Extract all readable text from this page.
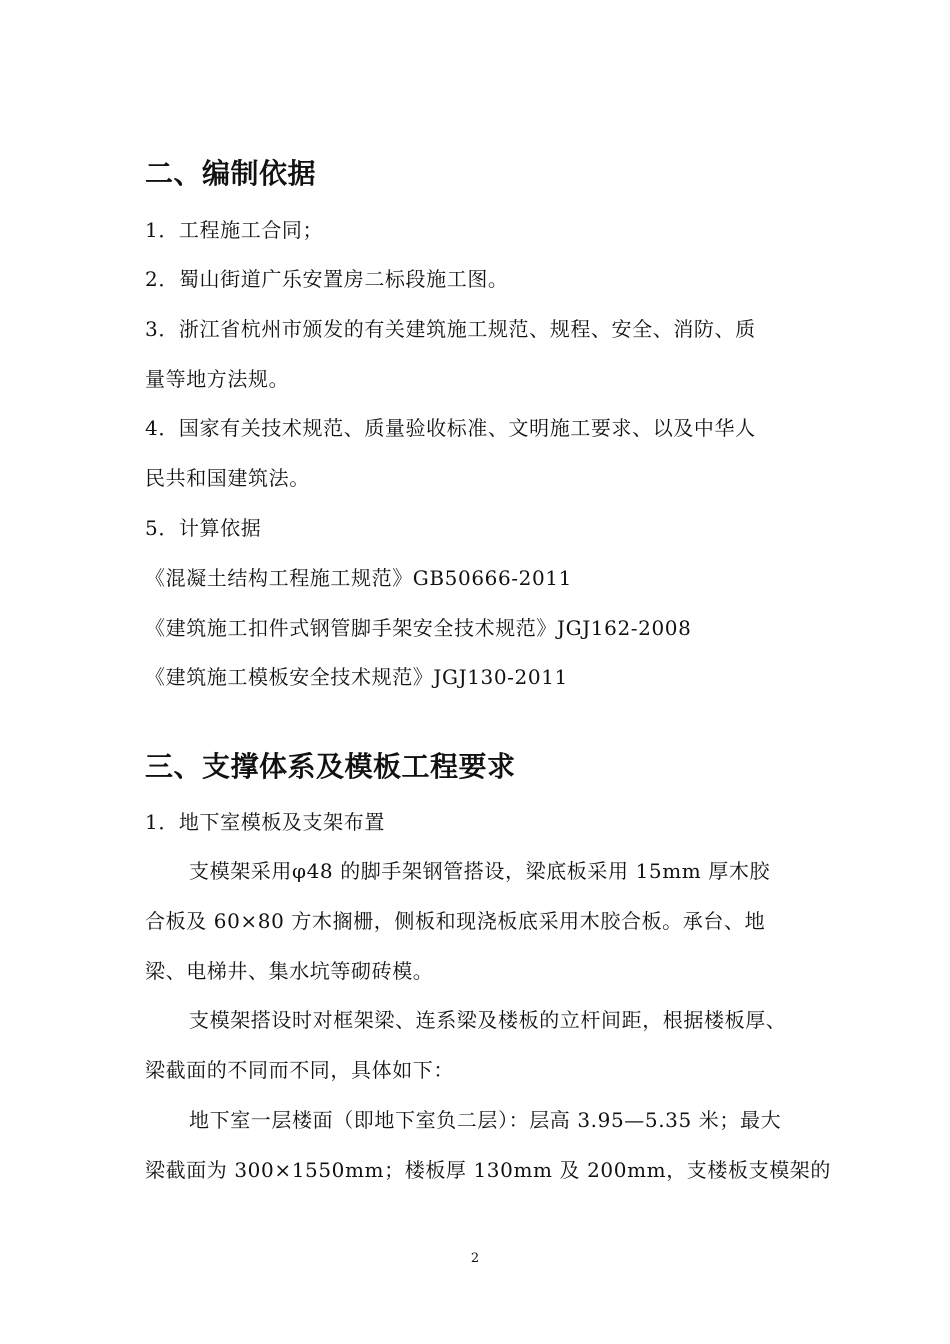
二、编制依据

1．工程施工合同；

2．蜀山街道广乐安置房二标段施工图。

3．浙江省杭州市颁发的有关建筑施工规范、规程、安全、消防、质

量等地方法规。

4．国家有关技术规范、质量验收标准、文明施工要求、以及中华人

民共和国建筑法。

5．计算依据

《混凝土结构工程施工规范》GB50666-2011

《建筑施工扣件式钢管脚手架安全技术规范》JGJ162-2008

《建筑施工模板安全技术规范》JGJ130-2011

三、支撑体系及模板工程要求

1．地下室模板及支架布置

支模架采用φ48 的脚手架钢管搭设，梁底板采用 15mm 厚木胶

合板及 60×80 方木搁栅，侧板和现浇板底采用木胶合板。承台、地

梁、电梯井、集水坑等砌砖模。

支模架搭设时对框架梁、连系梁及楼板的立杆间距，根据楼板厚、

梁截面的不同而不同，具体如下：

地下室一层楼面（即地下室负二层）：层高 3.95—5.35 米；最大

梁截面为 300×1550mm；楼板厚 130mm 及 200mm，支楼板支模架的

2
